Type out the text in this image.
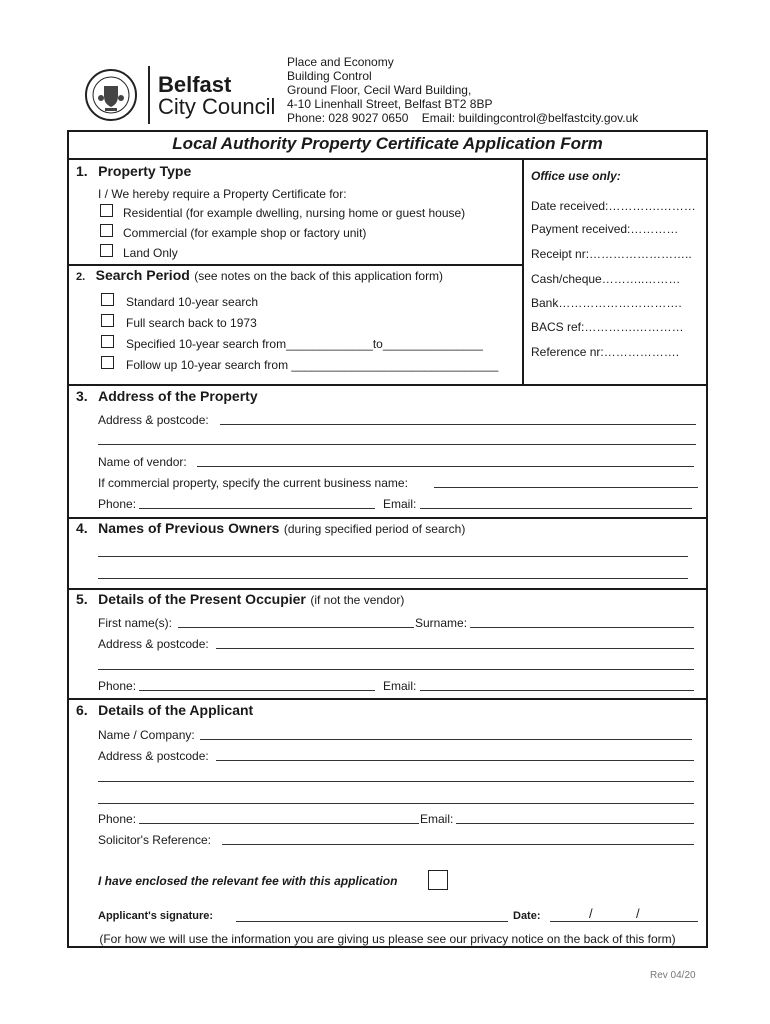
Belfast
City Council
Place and Economy
Building Control
Ground Floor, Cecil Ward Building,
4-10 Linenhall Street, Belfast BT2 8BP
Phone: 028 9027 0650    Email: buildingcontrol@belfastcity.gov.uk
Local Authority Property Certificate Application Form
1. Property Type
I / We hereby require a Property Certificate for:
Residential (for example dwelling, nursing home or guest house)
Commercial (for example shop or factory unit)
Land Only
2. Search Period (see notes on the back of this application form)
Standard 10-year search
Full search back to 1973
Specified 10-year search from_____________to_______________
Follow up 10-year search from _______________________________
Office use only:
Date received:………….………
Payment received:…………
Receipt nr:……………………..
Cash/cheque………..………
Bank………………………….
BACS ref:………….…………
Reference nr:……………….
3. Address of the Property
Address & postcode:
Name of vendor:
If commercial property, specify the current business name:
Phone:	Email:
4. Names of Previous Owners (during specified period of search)
5. Details of the Present Occupier (if not the vendor)
First name(s):	Surname:
Address & postcode:
Phone:	Email:
6. Details of the Applicant
Name / Company:
Address & postcode:
Phone:	Email:
Solicitor's Reference:
I have enclosed the relevant fee with this application
Applicant's signature:	Date:	/	/
(For how we will use the information you are giving us please see our privacy notice on the back of this form)
Rev 04/20
